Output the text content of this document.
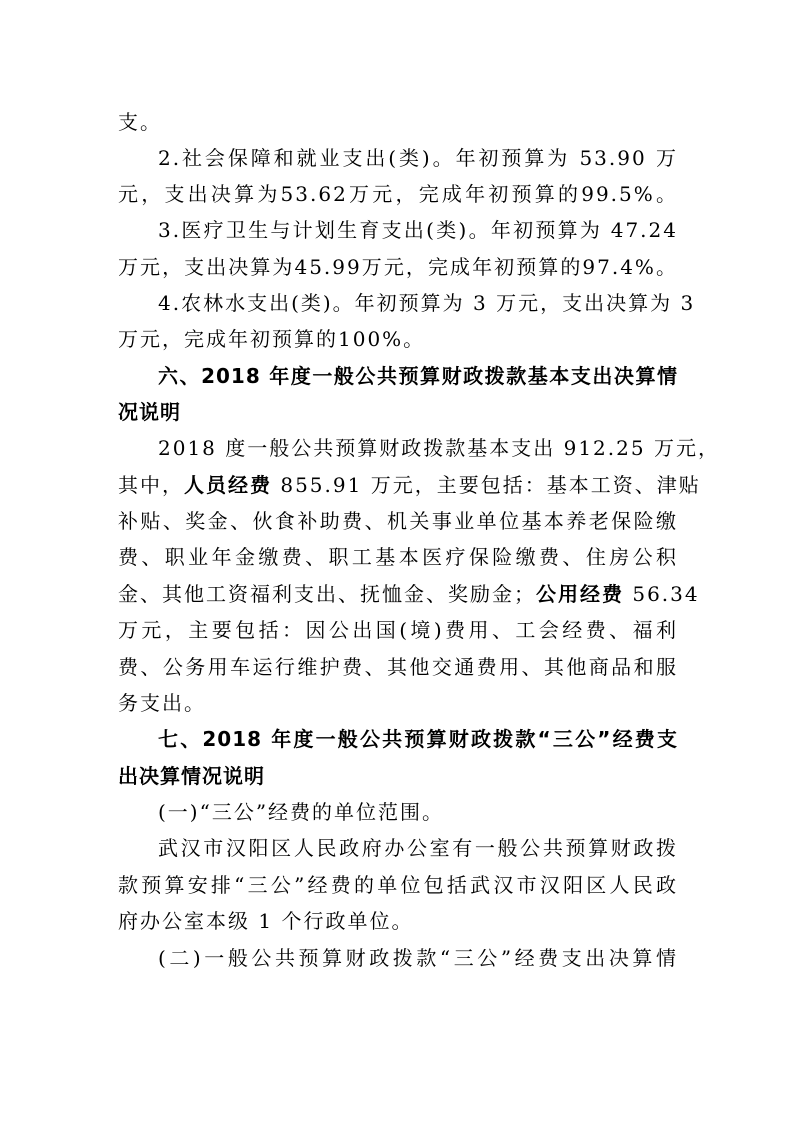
支。
2.社会保障和就业支出(类)。年初预算为 53.90 万
元，支出决算为53.62万元，完成年初预算的99.5%。
3.医疗卫生与计划生育支出(类)。年初预算为 47.24
万元，支出决算为45.99万元，完成年初预算的97.4%。
4.农林水支出(类)。年初预算为 3 万元，支出决算为 3
万元，完成年初预算的100%。
六、2018 年度一般公共预算财政拨款基本支出决算情
况说明
2018 度一般公共预算财政拨款基本支出 912.25 万元，
其中，人员经费 855.91 万元，主要包括：基本工资、津贴
补贴、奖金、伙食补助费、机关事业单位基本养老保险缴
费、职业年金缴费、职工基本医疗保险缴费、住房公积
金、其他工资福利支出、抚恤金、奖励金；公用经费 56.34
万元，主要包括：因公出国(境)费用、工会经费、福利
费、公务用车运行维护费、其他交通费用、其他商品和服
务支出。
七、2018 年度一般公共预算财政拨款“三公”经费支
出决算情况说明
(一)“三公”经费的单位范围。
武汉市汉阳区人民政府办公室有一般公共预算财政拨
款预算安排“三公”经费的单位包括武汉市汉阳区人民政
府办公室本级 1 个行政单位。
(二)一般公共预算财政拨款“三公”经费支出决算情
